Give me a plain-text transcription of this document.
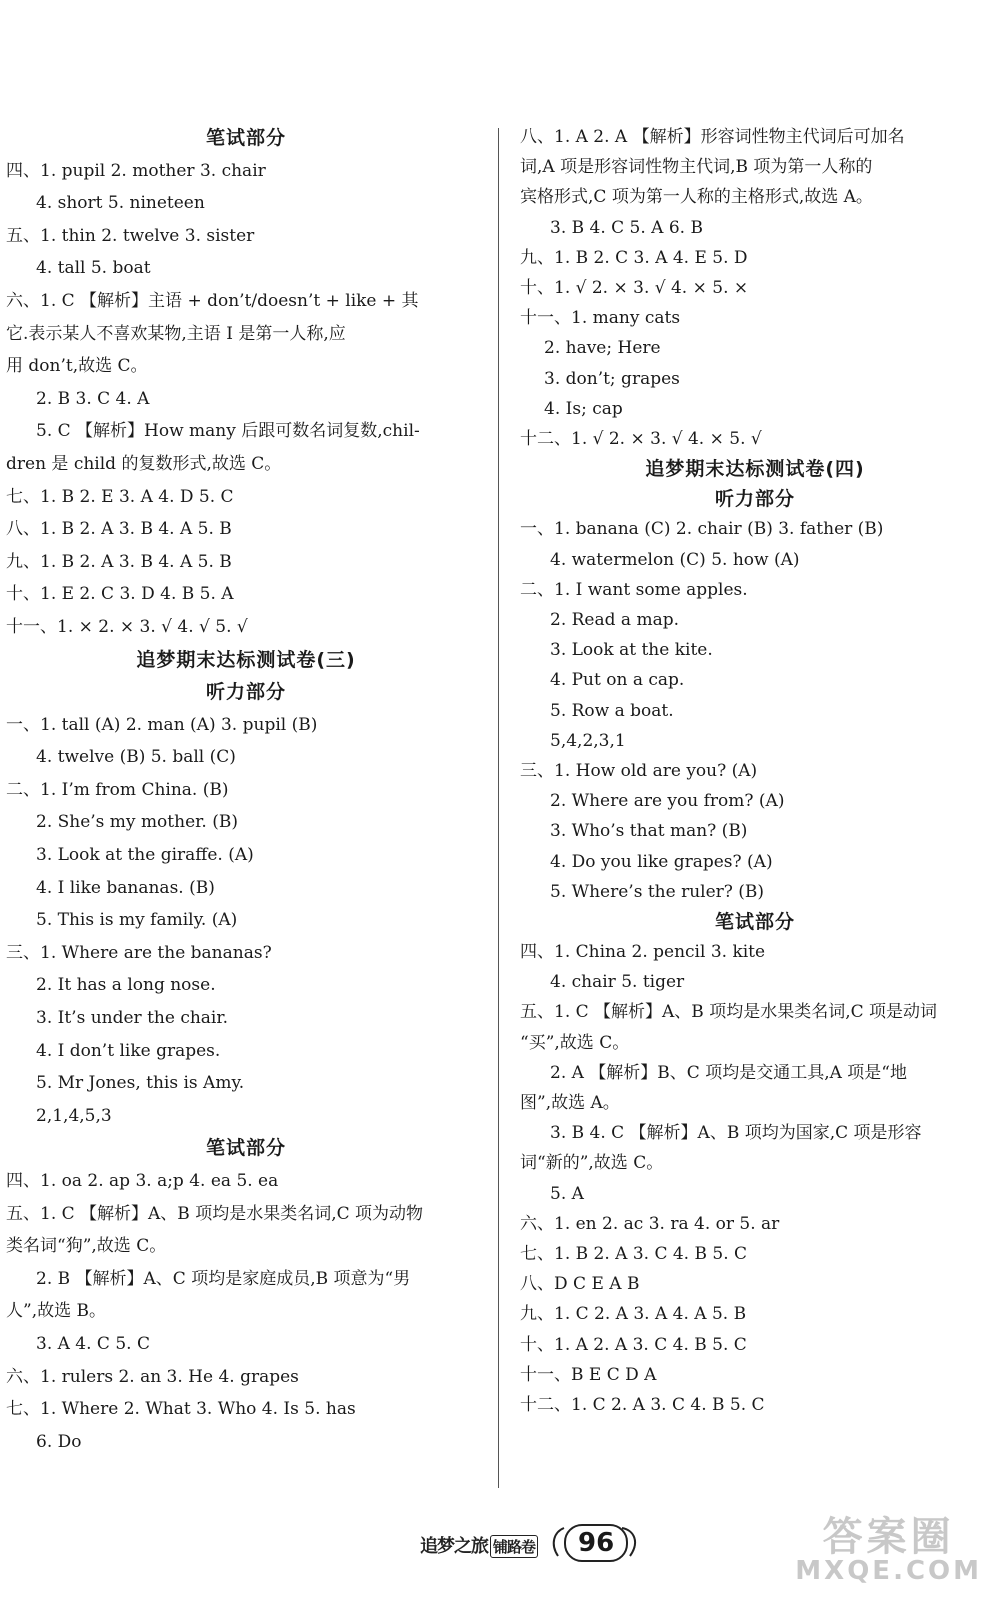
笔试部分
四、1. pupil 2. mother 3. chair
4. short 5. nineteen
五、1. thin 2. twelve 3. sister
4. tall 5. boat
六、1. C 【解析】主语 + don’t/doesn’t + like + 其
它.表示某人不喜欢某物,主语 I 是第一人称,应
用 don’t,故选 C。
2. B 3. C 4. A
5. C 【解析】How many 后跟可数名词复数,chil-
dren 是 child 的复数形式,故选 C。
七、1. B 2. E 3. A 4. D 5. C
八、1. B 2. A 3. B 4. A 5. B
九、1. B 2. A 3. B 4. A 5. B
十、1. E 2. C 3. D 4. B 5. A
十一、1. × 2. × 3. √ 4. √ 5. √
追梦期末达标测试卷(三)
听力部分
一、1. tall (A) 2. man (A) 3. pupil (B)
4. twelve (B) 5. ball (C)
二、1. I’m from China. (B)
2. She’s my mother. (B)
3. Look at the giraffe. (A)
4. I like bananas. (B)
5. This is my family. (A)
三、1. Where are the bananas?
2. It has a long nose.
3. It’s under the chair.
4. I don’t like grapes.
5. Mr Jones, this is Amy.
2,1,4,5,3
笔试部分
四、1. oa 2. ap 3. a;p 4. ea 5. ea
五、1. C 【解析】A、B 项均是水果类名词,C 项为动物
类名词“狗”,故选 C。
2. B 【解析】A、C 项均是家庭成员,B 项意为“男
人”,故选 B。
3. A 4. C 5. C
六、1. rulers 2. an 3. He 4. grapes
七、1. Where 2. What 3. Who 4. Is 5. has
6. Do
八、1. A 2. A 【解析】形容词性物主代词后可加名
词,A 项是形容词性物主代词,B 项为第一人称的
宾格形式,C 项为第一人称的主格形式,故选 A。
3. B 4. C 5. A 6. B
九、1. B 2. C 3. A 4. E 5. D
十、1. √ 2. × 3. √ 4. × 5. ×
十一、1. many cats
2. have; Here
3. don’t; grapes
4. Is; cap
十二、1. √ 2. × 3. √ 4. × 5. √
追梦期末达标测试卷(四)
听力部分
一、1. banana (C) 2. chair (B) 3. father (B)
4. watermelon (C) 5. how (A)
二、1. I want some apples.
2. Read a map.
3. Look at the kite.
4. Put on a cap.
5. Row a boat.
5,4,2,3,1
三、1. How old are you? (A)
2. Where are you from? (A)
3. Who’s that man? (B)
4. Do you like grapes? (A)
5. Where’s the ruler? (B)
笔试部分
四、1. China 2. pencil 3. kite
4. chair 5. tiger
五、1. C 【解析】A、B 项均是水果类名词,C 项是动词
“买”,故选 C。
2. A 【解析】B、C 项均是交通工具,A 项是“地
图”,故选 A。
3. B 4. C 【解析】A、B 项均为国家,C 项是形容
词“新的”,故选 C。
5. A
六、1. en 2. ac 3. ra 4. or 5. ar
七、1. B 2. A 3. C 4. B 5. C
八、D C E A B
九、1. C 2. A 3. A 4. A 5. B
十、1. A 2. A 3. C 4. B 5. C
十一、B E C D A
十二、1. C 2. A 3. C 4. B 5. C
追梦之旅 铺路卷	96	答案圈
MXQE.COM
